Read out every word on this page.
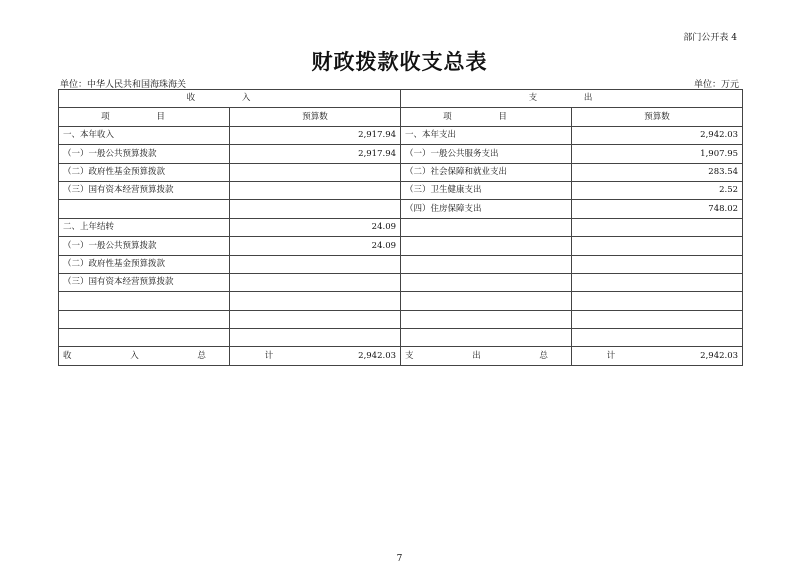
部门公开表 4
财政拨款收支总表
单位：中华人民共和国海珠海关	单位：万元
收 入		支 出	
项 目	预算数	项 目	预算数
一、本年收入	2,917.94	一、本年支出	2,942.03
（一）一般公共预算拨款	2,917.94	（一）一般公共服务支出	1,907.95
（二）政府性基金预算拨款		（二）社会保障和就业支出	283.54
（三）国有资本经营预算拨款		（三）卫生健康支出	2.52
		（四）住房保障支出	748.02
二、上年结转	24.09		
（一）一般公共预算拨款	24.09		
（二）政府性基金预算拨款			
（三）国有资本经营预算拨款			

收 入 总 计	2,942.03	支 出 总 计	2,942.03
7
